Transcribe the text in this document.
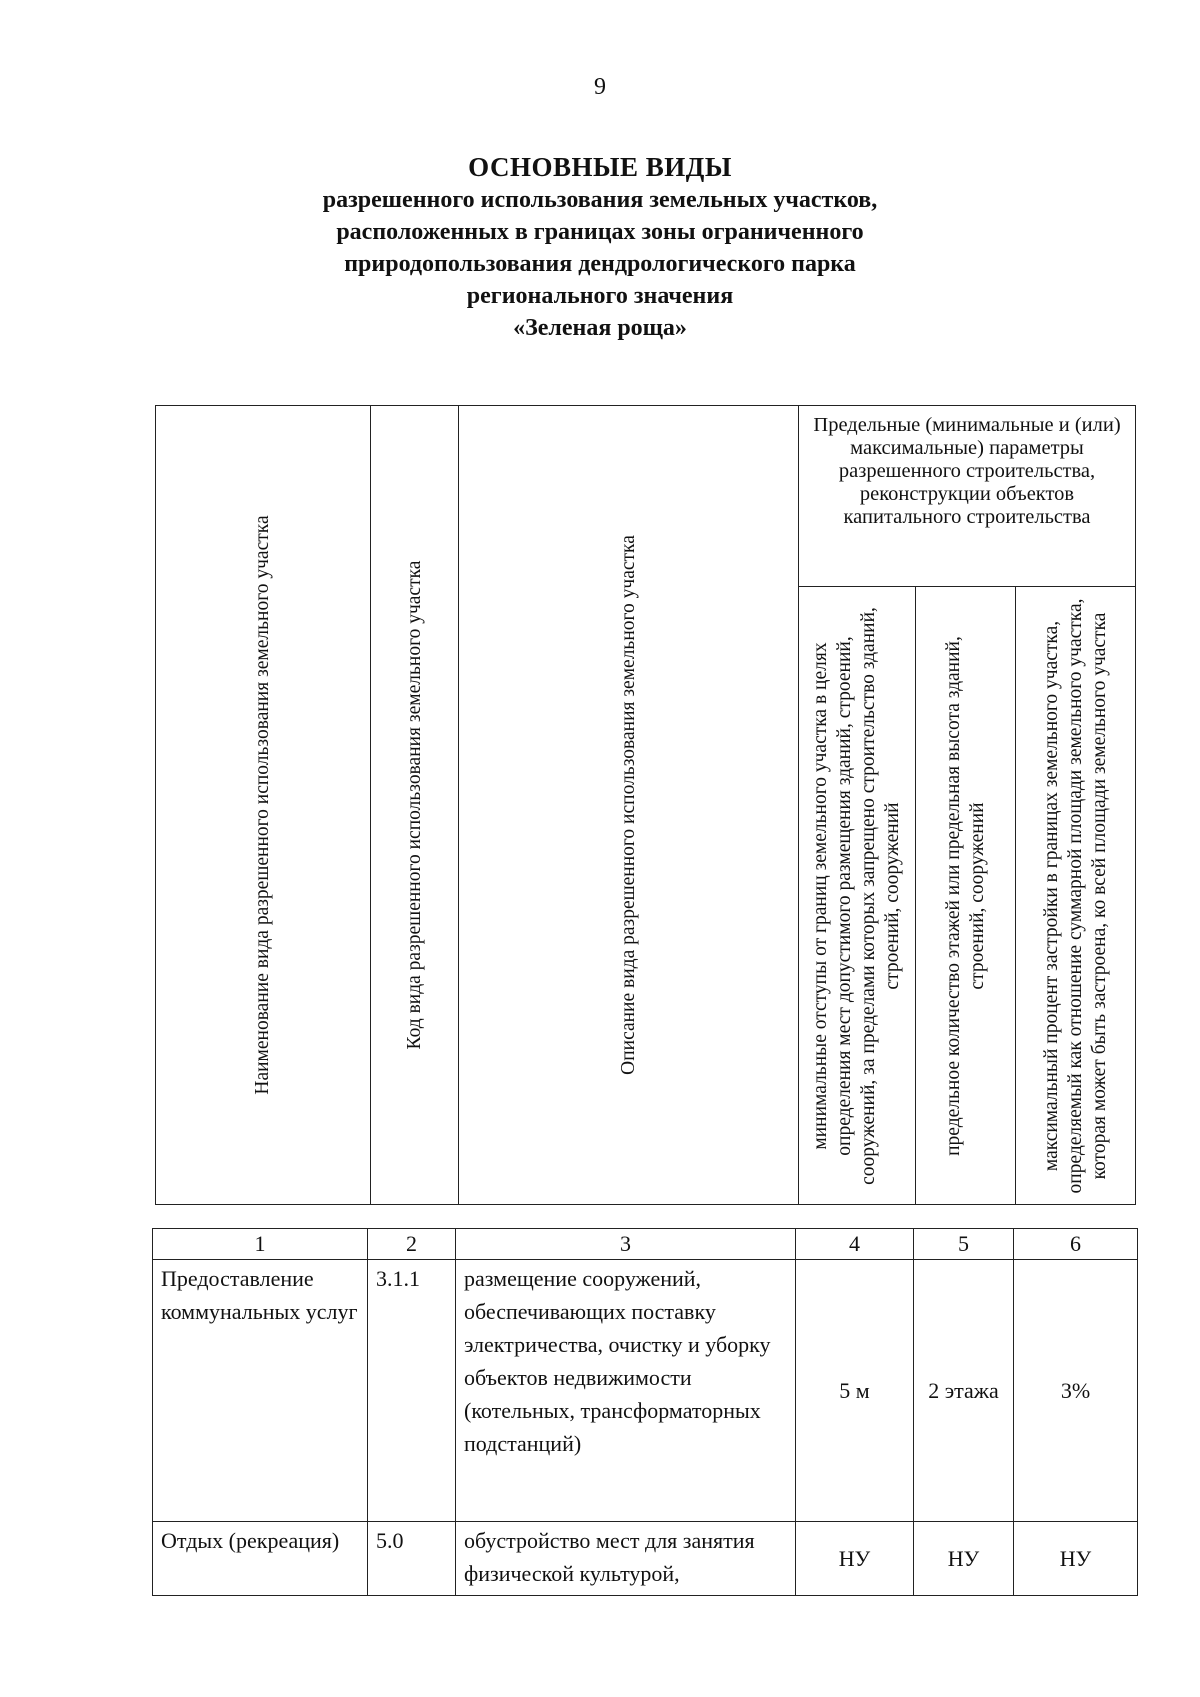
9
ОСНОВНЫЕ ВИДЫ
разрешенного использования земельных участков,
расположенных в границах зоны ограниченного
природопользования дендрологического парка
регионального значения
«Зеленая роща»
Наименование вида разрешенного использования земельного участка	Код вида разрешенного использования земельного участка	Описание вида разрешенного использования земельного участка	Предельные (минимальные и (или) максимальные) параметры разрешенного строительства, реконструкции объектов капитального строительства		

			минимальные отступы от границ земельного участка в целях определения мест допустимого размещения зданий, строений, сооружений, за пределами которых запрещено строительство зданий, строений, сооружений	предельное количество этажей или предельная высота зданий, строений, сооружений	максимальный процент застройки в границах земельного участка, определяемый как отношение суммарной площади земельного участка, которая может быть застроена, ко всей площади земельного участка
1	2	3	4	5	6
Предоставление коммунальных услуг	3.1.1	размещение сооружений, обеспечивающих поставку электричества, очистку и уборку объектов недвижимости (котельных, трансформаторных подстанций)	5 м	2 этажа	3%
Отдых (рекреация)	5.0	обустройство мест для занятия физической культурой,	НУ	НУ	НУ
